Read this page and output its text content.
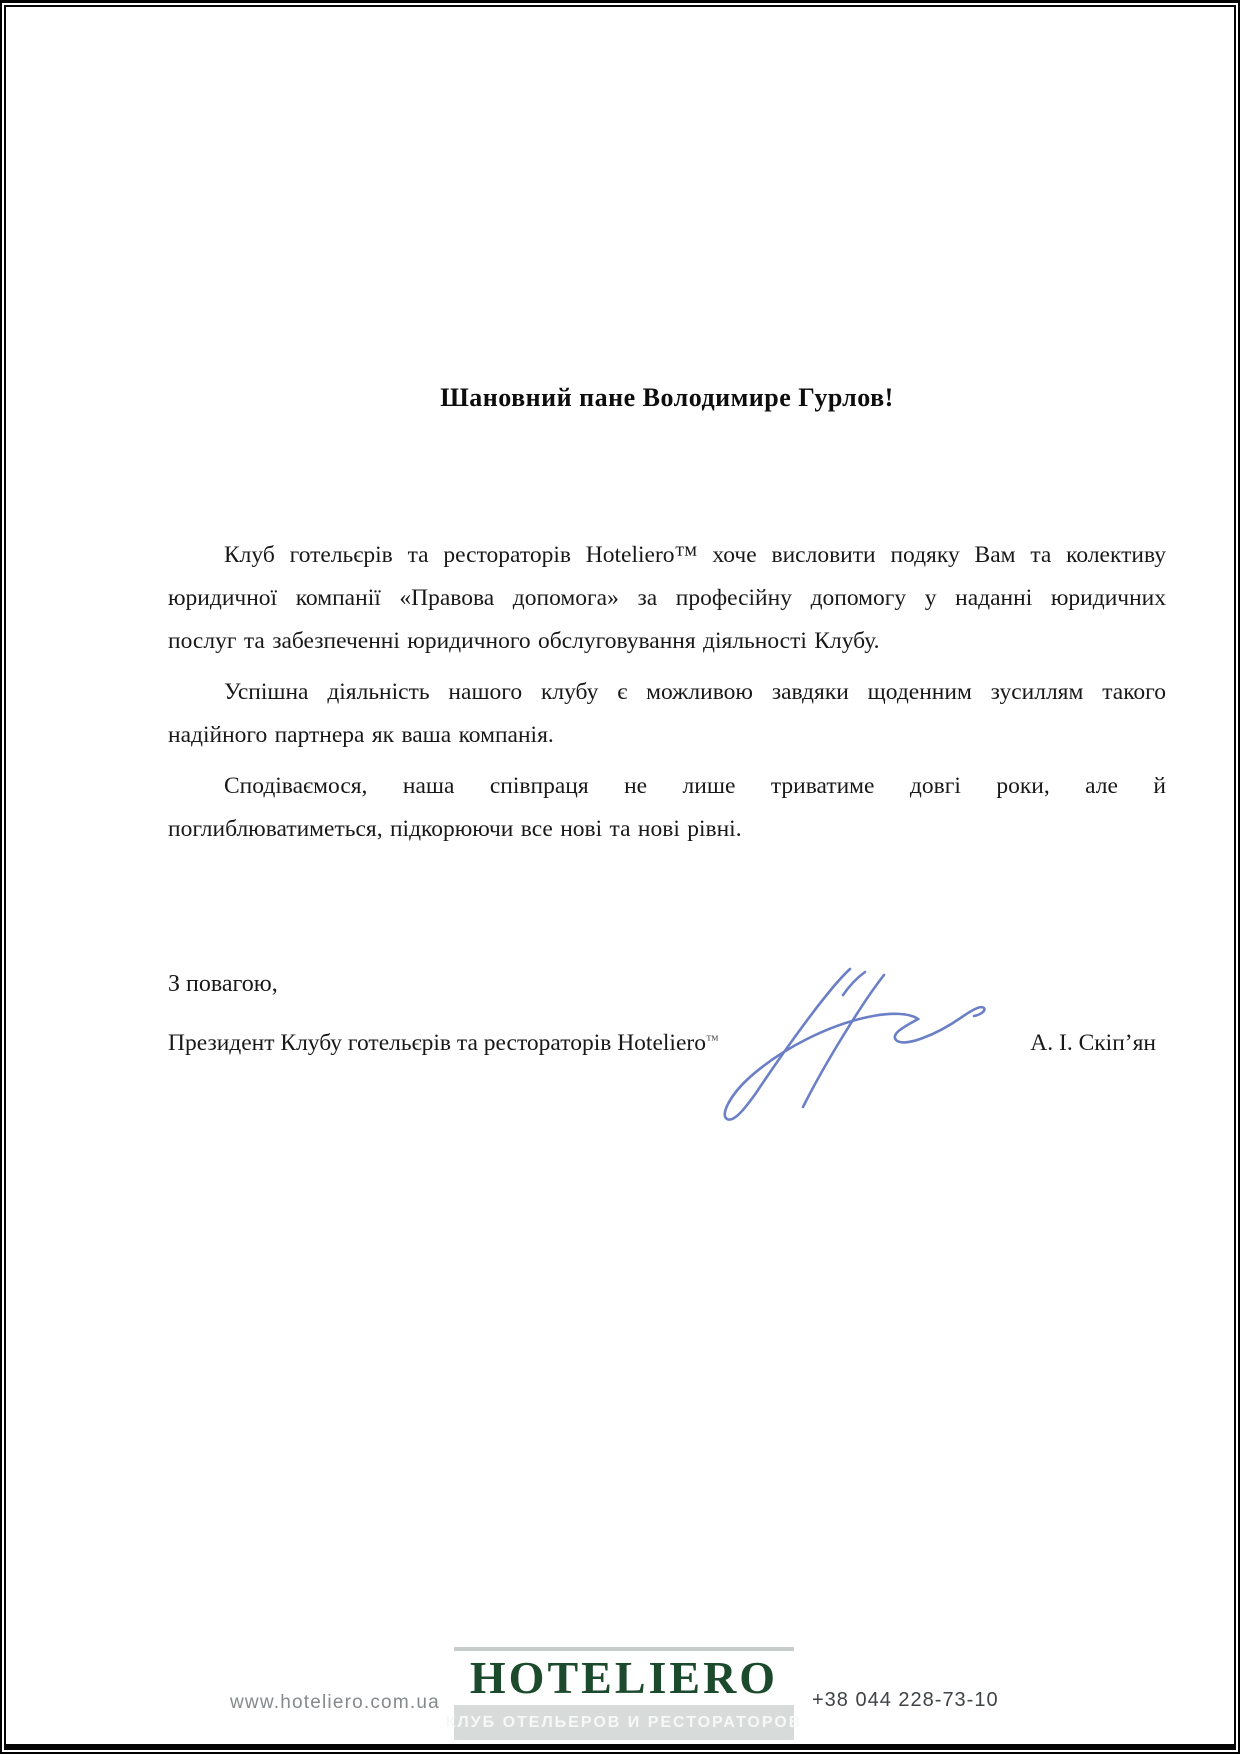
Шановний пане Володимире Гурлов!
Клуб готельєрів та рестораторів Hoteliero™ хоче висловити подяку Вам та колективу
юридичної компанії «Правова допомога» за професійну допомогу у наданні юридичних
послуг та забезпеченні юридичного обслуговування діяльності Клубу.
Успішна діяльність нашого клубу є можливою завдяки щоденним зусиллям такого
надійного партнера як ваша компанія.
Сподіваємося, наша співпраця не лише триватиме довгі роки, але й
поглиблюватиметься, підкорюючи все нові та нові рівні.
З повагою,
Президент Клубу готельєрів та рестораторів Hoteliero™	А. І. Скіп’ян
www.hoteliero.com.ua HOTELIERO
КЛУБ ОТЕЛЬЕРОВ И РЕСТОРАТОРОВ
+38 044 228-73-10
